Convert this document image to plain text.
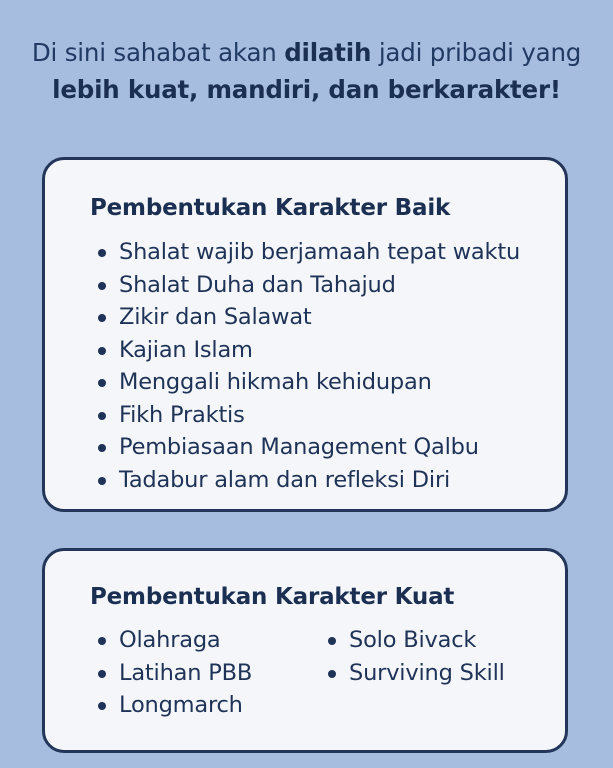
Di sini sahabat akan dilatih jadi pribadi yang
lebih kuat, mandiri, dan berkarakter!
Pembentukan Karakter Baik
Shalat wajib berjamaah tepat waktu
Shalat Duha dan Tahajud
Zikir dan Salawat
Kajian Islam
Menggali hikmah kehidupan
Fikh Praktis
Pembiasaan Management Qalbu
Tadabur alam dan refleksi Diri
Pembentukan Karakter Kuat
Olahraga
Latihan PBB
Longmarch
Solo Bivack
Surviving Skill
